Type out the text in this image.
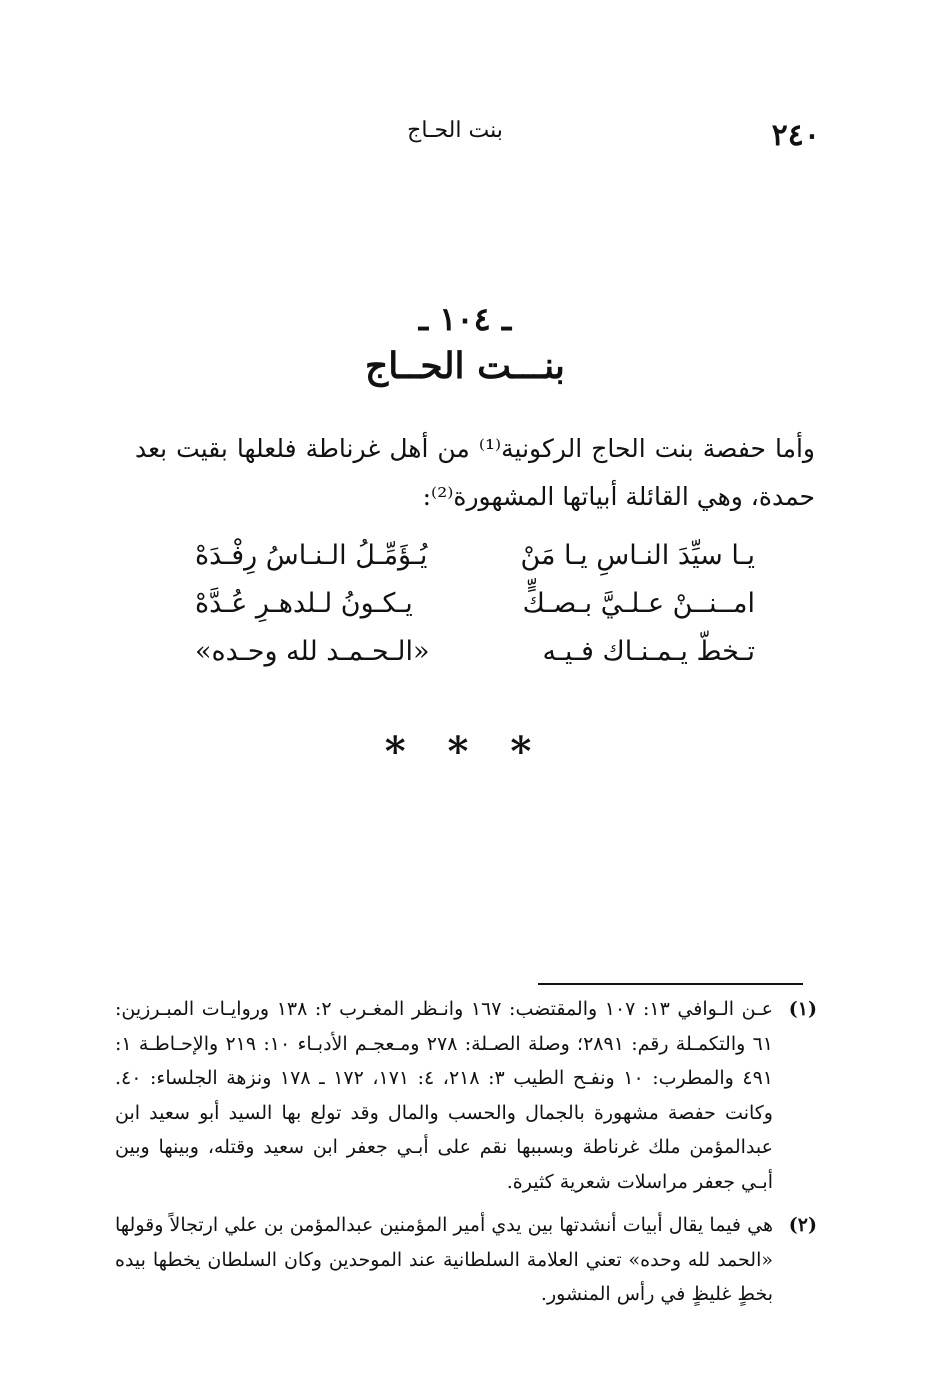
٢٤٠
بنت الحـاج
ـ ١٠٤ ـ
بنـــت الحــاج
وأما حفصة بنت الحاج الركونية⁽¹⁾ من أهل غرناطة فلعلها بقيت بعد حمدة، وهي القائلة أبياتها المشهورة⁽²⁾:
يـا سيِّدَ النـاسِ يـا مَنْ
يُـؤَمِّـلُ الـنـاسُ رِفْـدَهْ
امــنــنْ عـلـيَّ بـصـكٍّ
يـكـونُ لـلدهـرِ عُـدَّهْ
تـخطّ يـمـنـاك فـيـه
«الـحـمـد لله وحـده»
* * *
(١)
عـن الـوافي ١٣: ١٠٧ والمقتضب: ١٦٧ وانـظر المغـرب ٢: ١٣٨ وروايـات المبـرزين: ٦١ والتكمـلة رقم: ٢٨٩١؛ وصلة الصـلة: ٢٧٨ ومـعجـم الأدبـاء ١٠: ٢١٩ والإحـاطـة ١: ٤٩١ والمطرب: ١٠ ونفـح الطيب ٣: ٢١٨، ٤: ١٧١، ١٧٢ ـ ١٧٨ ونزهة الجلساء: ٤٠. وكانت حفصة مشهورة بالجمال والحسب والمال وقد تولع بها السيد أبو سعيد ابن عبدالمؤمن ملك غرناطة وبسببها نقم على أبـي جعفر ابن سعيد وقتله، وبينها وبين أبـي جعفر مراسلات شعرية كثيرة.
(٢)
هي فيما يقال أبيات أنشدتها بين يدي أمير المؤمنين عبدالمؤمن بن علي ارتجالاً وقولها «الحمد لله وحده» تعني العلامة السلطانية عند الموحدين وكان السلطان يخطها بيده بخطٍ غليظٍ في رأس المنشور.
